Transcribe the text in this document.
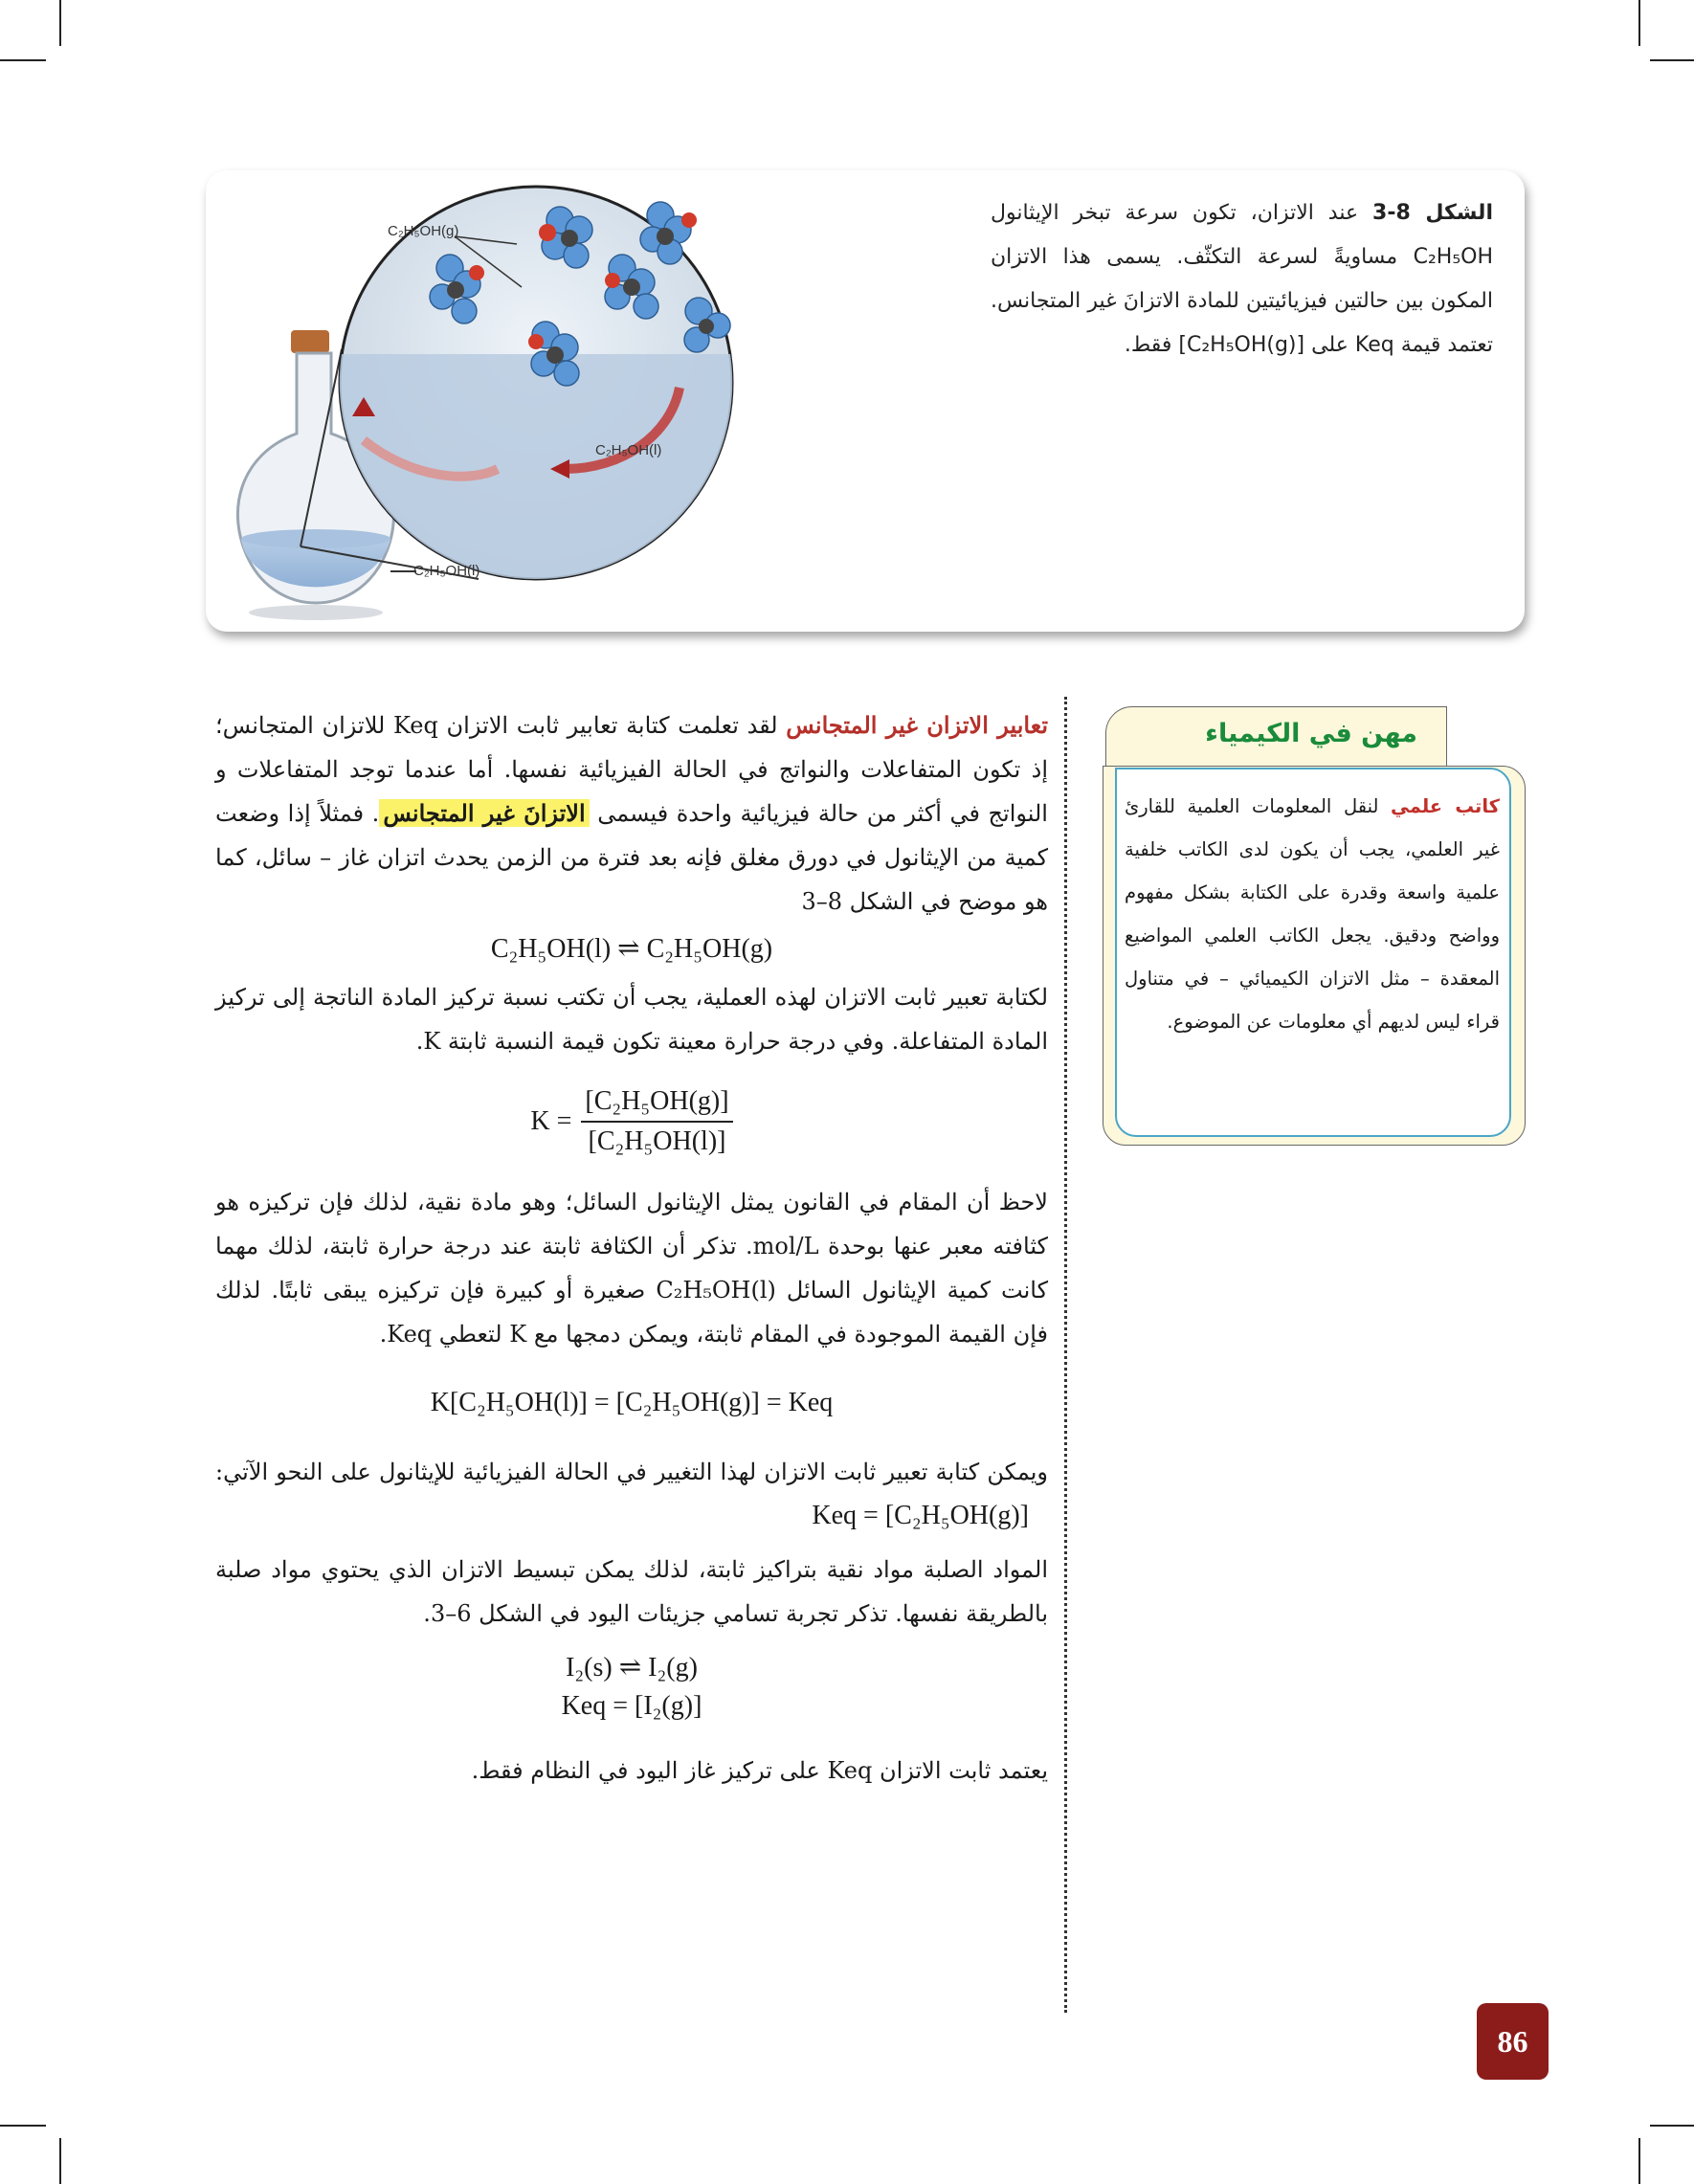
C₂H₅OH(g)
C₂H₅OH(l)
C₂H₅OH(l)
الشكل 8-3 عند الاتزان، تكون سرعة تبخر الإيثانول C₂H₅OH مساويةً لسرعة التكثّف. يسمى هذا الاتزان المكون بين حالتين فيزيائيتين للمادة الاتزانَ غير المتجانس. تعتمد قيمة Keq على [C₂H₅OH(g)] فقط.

تعابير الاتزان غير المتجانس لقد تعلمت كتابة تعابير ثابت الاتزان Keq للاتزان المتجانس؛ إذ تكون المتفاعلات والنواتج في الحالة الفيزيائية نفسها. أما عندما توجد المتفاعلات و النواتج في أكثر من حالة فيزيائية واحدة فيسمى الاتزانَ غير المتجانس. فمثلاً إذا وضعت كمية من الإيثانول في دورق مغلق فإنه بعد فترة من الزمن يحدث اتزان غاز – سائل، كما هو موضح في الشكل 8–3

C₂H₅OH(l) ⇌ C₂H₅OH(g)

لكتابة تعبير ثابت الاتزان لهذه العملية، يجب أن تكتب نسبة تركيز المادة الناتجة إلى تركيز المادة المتفاعلة. وفي درجة حرارة معينة تكون قيمة النسبة ثابتة K.

$K = \frac{\text{[C₂H₅OH(g)]}}{\text{[C₂H₅OH(l)]}}$

لاحظ أن المقام في القانون يمثل الإيثانول السائل؛ وهو مادة نقية، لذلك فإن تركيزه هو كثافته معبر عنها بوحدة mol/L. تذكر أن الكثافة ثابتة عند درجة حرارة ثابتة، لذلك مهما كانت كمية الإيثانول السائل C₂H₅OH(l) صغيرة أو كبيرة فإن تركيزه يبقى ثابتًا. لذلك فإن القيمة الموجودة في المقام ثابتة، ويمكن دمجها مع K لتعطي Keq.

K[C₂H₅OH(l)] = [C₂H₅OH(g)] = Keq

ويمكن كتابة تعبير ثابت الاتزان لهذا التغيير في الحالة الفيزيائية للإيثانول على النحو الآتي: Keq = [C₂H₅OH(g)]

المواد الصلبة مواد نقية بتراكيز ثابتة، لذلك يمكن تبسيط الاتزان الذي يحتوي مواد صلبة بالطريقة نفسها. تذكر تجربة تسامي جزيئات اليود في الشكل 6–3.

I₂(s) ⇌ I₂(g)
Keq = [I₂(g)]

يعتمد ثابت الاتزان Keq على تركيز غاز اليود في النظام فقط.

مهن في الكيمياء
كاتب علمي لنقل المعلومات العلمية للقارئ غير العلمي، يجب أن يكون لدى الكاتب خلفية علمية واسعة وقدرة على الكتابة بشكل مفهوم وواضح ودقيق. يجعل الكاتب العلمي المواضيع المعقدة – مثل الاتزان الكيميائي – في متناول قراء ليس لديهم أي معلومات عن الموضوع.
86
